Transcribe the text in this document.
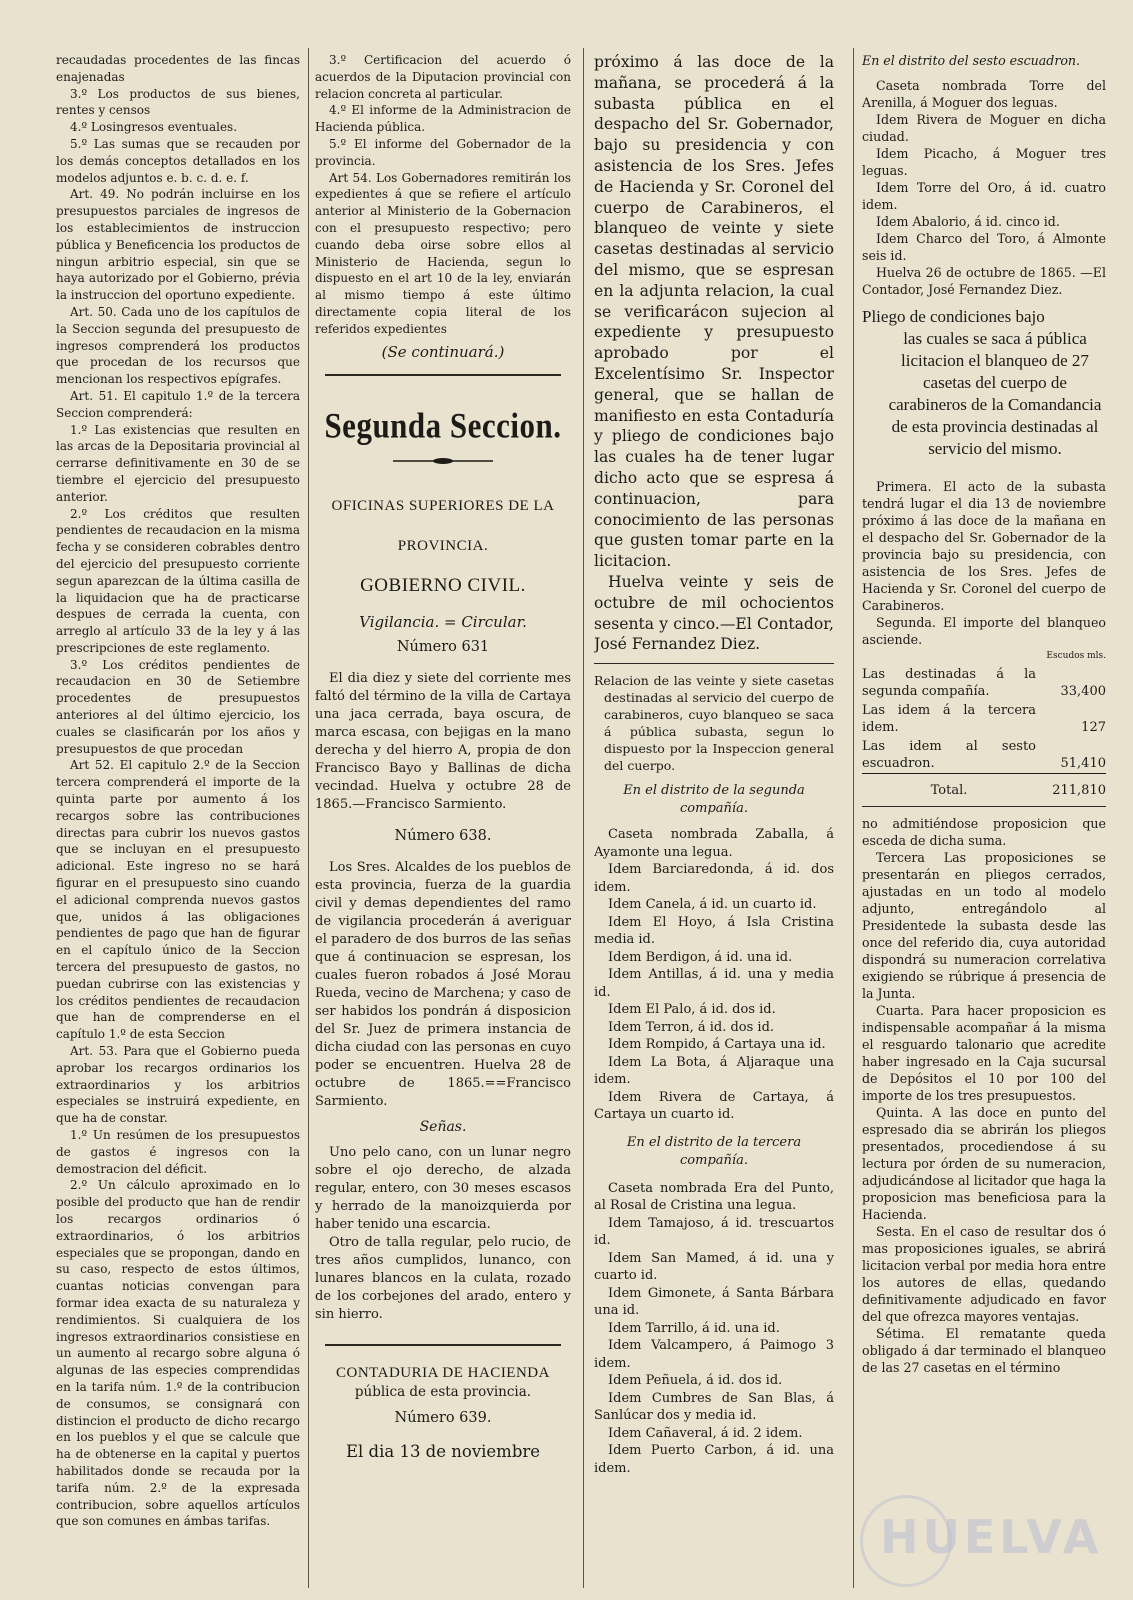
recaudadas procedentes de las fincas enajenadas

3.º Los productos de sus bienes, rentes y censos

4.º Losingresos eventuales.

5.º Las sumas que se recauden por los demás conceptos detallados en los modelos adjuntos e. b. c. d. e. f.

Art. 49. No podrán incluirse en los presupuestos parciales de ingresos de los establecimientos de instruccion pública y Beneficencia los productos de ningun arbitrio especial, sin que se haya autorizado por el Gobierno, prévia la instruccion del oportuno expediente.

Art. 50. Cada uno de los capítulos de la Seccion segunda del presupuesto de ingresos comprenderá los productos que procedan de los recursos que mencionan los respectivos epígrafes.

Art. 51. El capitulo 1.º de la tercera Seccion comprenderá:

1.º Las existencias que resulten en las arcas de la Depositaria provincial al cerrarse definitivamente en 30 de se tiembre el ejercicio del presupuesto anterior.

2.º Los créditos que resulten pendientes de recaudacion en la misma fecha y se consideren cobrables dentro del ejercicio del presupuesto corriente segun aparezcan de la última casilla de la liquidacion que ha de practicarse despues de cerrada la cuenta, con arreglo al artículo 33 de la ley y á las prescripciones de este reglamento.

3.º Los créditos pendientes de recaudacion en 30 de Setiembre procedentes de presupuestos anteriores al del último ejercicio, los cuales se clasificarán por los años y presupuestos de que procedan

Art 52. El capitulo 2.º de la Seccion tercera comprenderá el importe de la quinta parte por aumento á los recargos sobre las contribuciones directas para cubrir los nuevos gastos que se incluyan en el presupuesto adicional. Este ingreso no se hará figurar en el presupuesto sino cuando el adicional comprenda nuevos gastos que, unidos á las obligaciones pendientes de pago que han de figurar en el capítulo único de la Seccion tercera del presupuesto de gastos, no puedan cubrirse con las existencias y los créditos pendientes de recaudacion que han de comprenderse en el capítulo 1.º de esta Seccion

Art. 53. Para que el Gobierno pueda aprobar los recargos ordinarios los extraordinarios y los arbitrios especiales se instruirá expediente, en que ha de constar.

1.º Un resúmen de los presupuestos de gastos é ingresos con la demostracion del déficit.

2.º Un cálculo aproximado en lo posible del producto que han de rendir los recargos ordinarios ó extraordinarios, ó los arbitrios especiales que se propongan, dando en su caso, respecto de estos últimos, cuantas noticias convengan para formar idea exacta de su naturaleza y rendimientos. Si cualquiera de los ingresos extraordinarios consistiese en un aumento al recargo sobre alguna ó algunas de las especies comprendidas en la tarifa núm. 1.º de la contribucion de consumos, se consignará con distincion el producto de dicho recargo en los pueblos y el que se calcule que ha de obtenerse en la capital y puertos habilitados donde se recauda por la tarifa núm. 2.º de la expresada contribucion, sobre aquellos artículos que son comunes en ámbas tarifas.

3.º Certificacion del acuerdo ó acuerdos de la Diputacion provincial con relacion concreta al particular.

4.º El informe de la Administracion de Hacienda pública.

5.º El informe del Gobernador de la provincia.

Art 54. Los Gobernadores remitirán los expedientes á que se refiere el artículo anterior al Ministerio de la Gobernacion con el presupuesto respectivo; pero cuando deba oirse sobre ellos al Ministerio de Hacienda, segun lo dispuesto en el art 10 de la ley, enviarán al mismo tiempo á este último directamente copia literal de los referidos expedientes

(Se continuará.)

Segunda Seccion.
OFICINAS SUPERIORES DE LA
PROVINCIA.
GOBIERNO CIVIL.

Vigilancia. = Circular.

Número 631

El dia diez y siete del corriente mes faltó del término de la villa de Cartaya una jaca cerrada, baya oscura, de marca escasa, con bejigas en la mano derecha y del hierro A, propia de don Francisco Bayo y Ballinas de dicha vecindad. Huelva y octubre 28 de 1865.—Francisco Sarmiento.

Número 638.

Los Sres. Alcaldes de los pueblos de esta provincia, fuerza de la guardia civil y demas dependientes del ramo de vigilancia procederán á averiguar el paradero de dos burros de las señas que á continuacion se espresan, los cuales fueron robados á José Morau Rueda, vecino de Marchena; y caso de ser habidos los pondrán á disposicion del Sr. Juez de primera instancia de dicha ciudad con las personas en cuyo poder se encuentren. Huelva 28 de octubre de 1865.==Francisco Sarmiento.

Señas.

Uno pelo cano, con un lunar negro sobre el ojo derecho, de alzada regular, entero, con 30 meses escasos y herrado de la manoizquierda por haber tenido una escarcia.

Otro de talla regular, pelo rucio, de tres años cumplidos, lunanco, con lunares blancos en la culata, rozado de los corbejones del arado, entero y sin hierro.

CONTADURIA DE HACIENDA

pública de esta provincia.

Número 639.

El dia 13 de noviembre

próximo á las doce de la mañana, se procederá á la subasta pública en el despacho del Sr. Gobernador, bajo su presidencia y con asistencia de los Sres. Jefes de Hacienda y Sr. Coronel del cuerpo de Carabineros, el blanqueo de veinte y siete casetas destinadas al servicio del mismo, que se espresan en la adjunta relacion, la cual se verificarácon sujecion al expediente y presupuesto aprobado por el Excelentísimo Sr. Inspector general, que se hallan de manifiesto en esta Contaduría y pliego de condiciones bajo las cuales ha de tener lugar dicho acto que se espresa á continuacion, para conocimiento de las personas que gusten tomar parte en la licitacion.

Huelva veinte y seis de octubre de mil ochocientos sesenta y cinco.—El Contador, José Fernandez Diez.

Relacion de las veinte y siete casetas destinadas al servicio del cuerpo de carabineros, cuyo blanqueo se saca á pública subasta, segun lo dispuesto por la Inspeccion general del cuerpo.

En el distrito de la segunda compañía.

Caseta nombrada Zaballa, á Ayamonte una legua.

Idem Barciaredonda, á id. dos idem.

Idem Canela, á id. un cuarto id.

Idem El Hoyo, á Isla Cristina media id.

Idem Berdigon, á id. una id.

Idem Antillas, á id. una y media id.

Idem El Palo, á id. dos id.

Idem Terron, á id. dos id.

Idem Rompido, á Cartaya una id.

Idem La Bota, á Aljaraque una idem.

Idem Rivera de Cartaya, á Cartaya un cuarto id.

En el distrito de la tercera compañía.

Caseta nombrada Era del Punto, al Rosal de Cristina una legua.

Idem Tamajoso, á id. trescuartos id.

Idem San Mamed, á id. una y cuarto id.

Idem Gimonete, á Santa Bárbara una id.

Idem Tarrillo, á id. una id.

Idem Valcampero, á Paimogo 3 idem.

Idem Peñuela, á id. dos id.

Idem Cumbres de San Blas, á Sanlúcar dos y media id.

Idem Cañaveral, á id. 2 idem.

Idem Puerto Carbon, á id. una idem.

En el distrito del sesto escuadron.

Caseta nombrada Torre del Arenilla, á Moguer dos leguas.

Idem Rivera de Moguer en dicha ciudad.

Idem Picacho, á Moguer tres leguas.

Idem Torre del Oro, á id. cuatro idem.

Idem Abalorio, á id. cinco id.

Idem Charco del Toro, á Almonte seis id.

Huelva 26 de octubre de 1865. —El Contador, José Fernandez Diez.

Pliego de condiciones bajo
las cuales se saca á pública licitacion el blanqueo de 27 casetas del cuerpo de carabineros de la Comandancia de esta provincia destinadas al servicio del mismo.

Primera. El acto de la subasta tendrá lugar el dia 13 de noviembre próximo á las doce de la mañana en el despacho del Sr. Gobernador de la provincia bajo su presidencia, con asistencia de los Sres. Jefes de Hacienda y Sr. Coronel del cuerpo de Carabineros.

Segunda. El importe del blanqueo asciende.

Escudos mls.

Las destinadas á la segunda compañía.	33,400
Las idem á la tercera idem.	127
Las idem al sesto escuadron.	51,410
Total.	211,810

no admitiéndose proposicion que esceda de dicha suma.

Tercera Las proposiciones se presentarán en pliegos cerrados, ajustadas en un todo al modelo adjunto, entregándolo al Presidentede la subasta desde las once del referido dia, cuya autoridad dispondrá su numeracion correlativa exigiendo se rúbrique á presencia de la Junta.

Cuarta. Para hacer proposicion es indispensable acompañar á la misma el resguardo talonario que acredite haber ingresado en la Caja sucursal de Depósitos el 10 por 100 del importe de los tres presupuestos.

Quinta. A las doce en punto del espresado dia se abrirán los pliegos presentados, procediendose á su lectura por órden de su numeracion, adjudicándose al licitador que haga la proposicion mas beneficiosa para la Hacienda.

Sesta. En el caso de resultar dos ó mas proposiciones iguales, se abrirá licitacion verbal por media hora entre los autores de ellas, quedando definitivamente adjudicado en favor del que ofrezca mayores ventajas.

Sétima. El rematante queda obligado á dar terminado el blanqueo de las 27 casetas en el término

HUELVA
